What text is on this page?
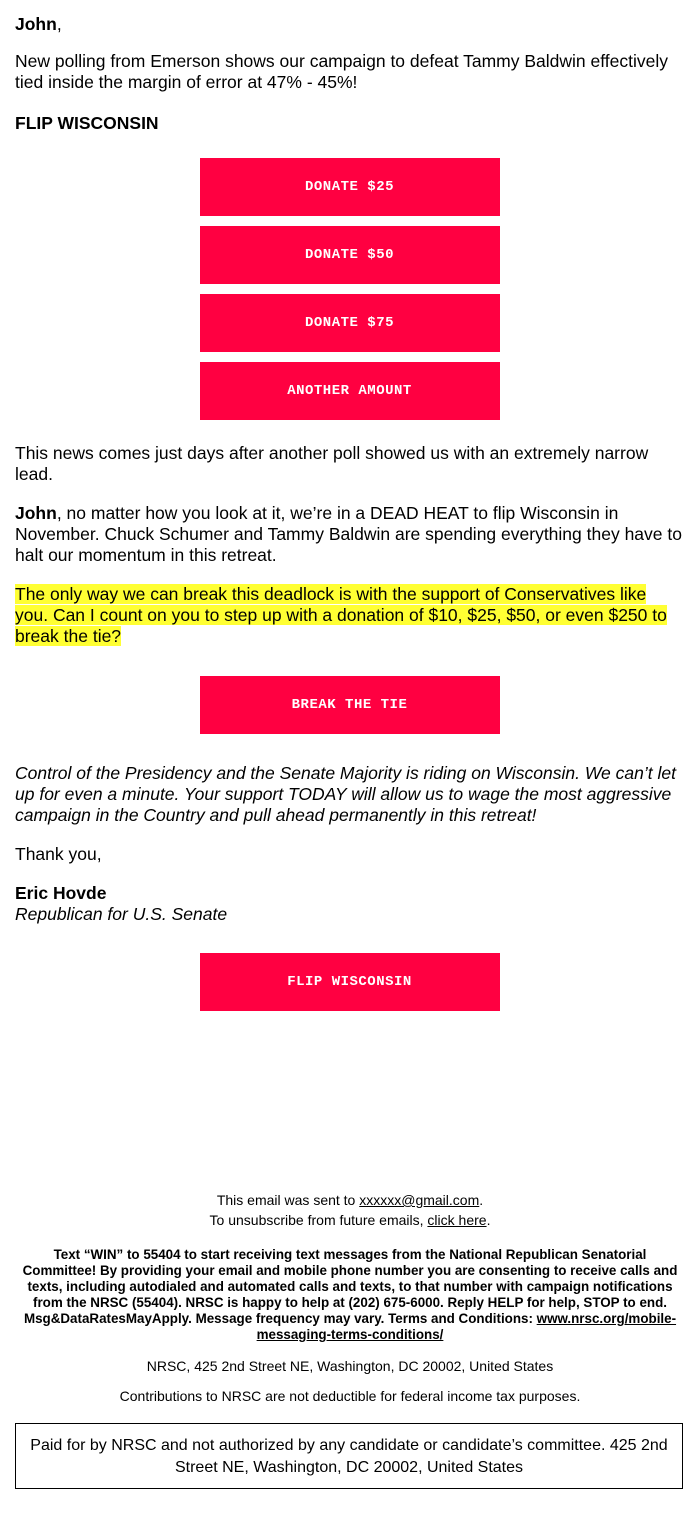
John,

New polling from Emerson shows our campaign to defeat Tammy Baldwin effectively tied inside the margin of error at 47% - 45%!

FLIP WISCONSIN

DONATE $25
DONATE $50
DONATE $75
ANOTHER AMOUNT

This news comes just days after another poll showed us with an extremely narrow lead.

John, no matter how you look at it, we’re in a DEAD HEAT to flip Wisconsin in November. Chuck Schumer and Tammy Baldwin are spending everything they have to halt our momentum in this retreat.

The only way we can break this deadlock is with the support of Conservatives like you. Can I count on you to step up with a donation of $10, $25, $50, or even $250 to break the tie?

BREAK THE TIE

Control of the Presidency and the Senate Majority is riding on Wisconsin. We can’t let up for even a minute. Your support TODAY will allow us to wage the most aggressive campaign in the Country and pull ahead permanently in this retreat!

Thank you,

Eric Hovde

Republican for U.S. Senate

FLIP WISCONSIN
This email was sent to xxxxxx@gmail.com.
To unsubscribe from future emails, click here.
Text “WIN” to 55404 to start receiving text messages from the National Republican Senatorial Committee! By providing your email and mobile phone number you are consenting to receive calls and texts, including autodialed and automated calls and texts, to that number with campaign notifications from the NRSC (55404). NRSC is happy to help at (202) 675-6000. Reply HELP for help, STOP to end. Msg&DataRatesMayApply. Message frequency may vary. Terms and Conditions: www.nrsc.org/mobile-messaging-terms-conditions/
NRSC, 425 2nd Street NE, Washington, DC 20002, United States
Contributions to NRSC are not deductible for federal income tax purposes.
Paid for by NRSC and not authorized by any candidate or candidate’s committee. 425 2nd Street NE, Washington, DC 20002, United States
